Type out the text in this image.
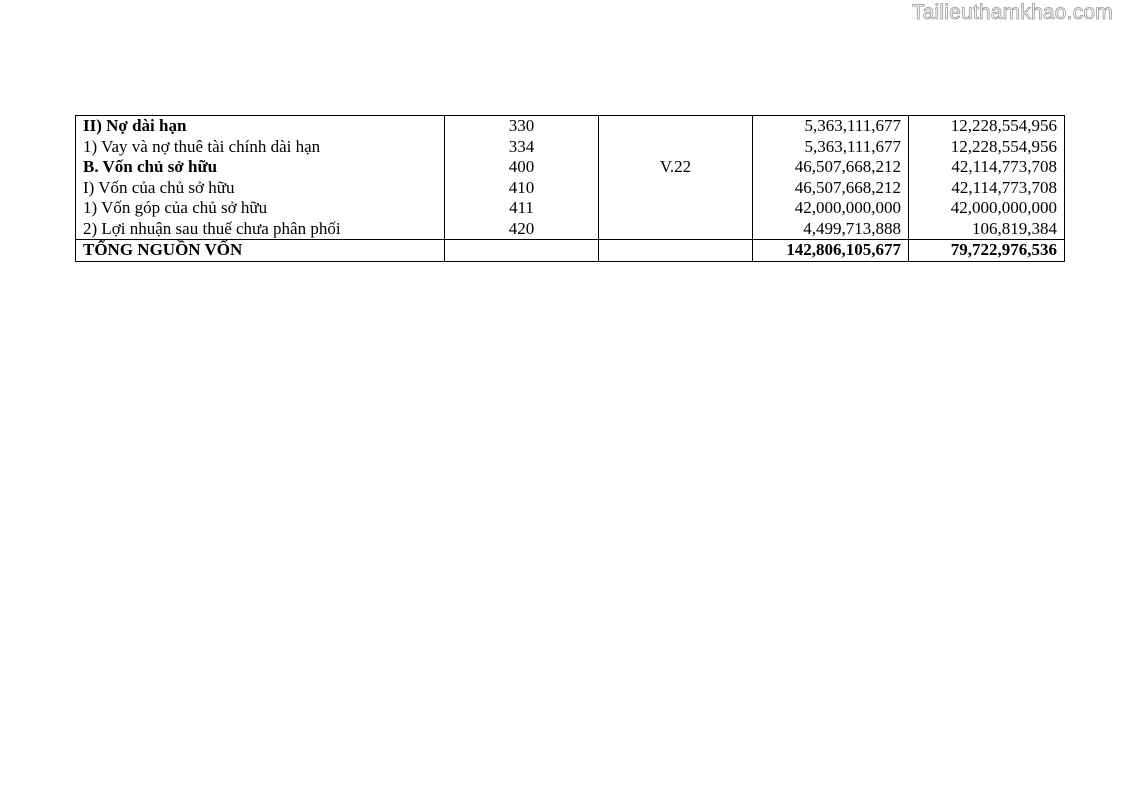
Tailieuthamkhao.com
II) Nợ dài hạn	330		5,363,111,677	12,228,554,956
1) Vay và nợ thuê tài chính dài hạn	334		5,363,111,677	12,228,554,956
B. Vốn chủ sở hữu	400	V.22	46,507,668,212	42,114,773,708
I) Vốn của chủ sở hữu	410		46,507,668,212	42,114,773,708
1) Vốn góp của chủ sở hữu	411		42,000,000,000	42,000,000,000
2) Lợi nhuận sau thuế chưa phân phối	420		4,499,713,888	106,819,384
TỔNG NGUỒN VỐN			142,806,105,677	79,722,976,536
